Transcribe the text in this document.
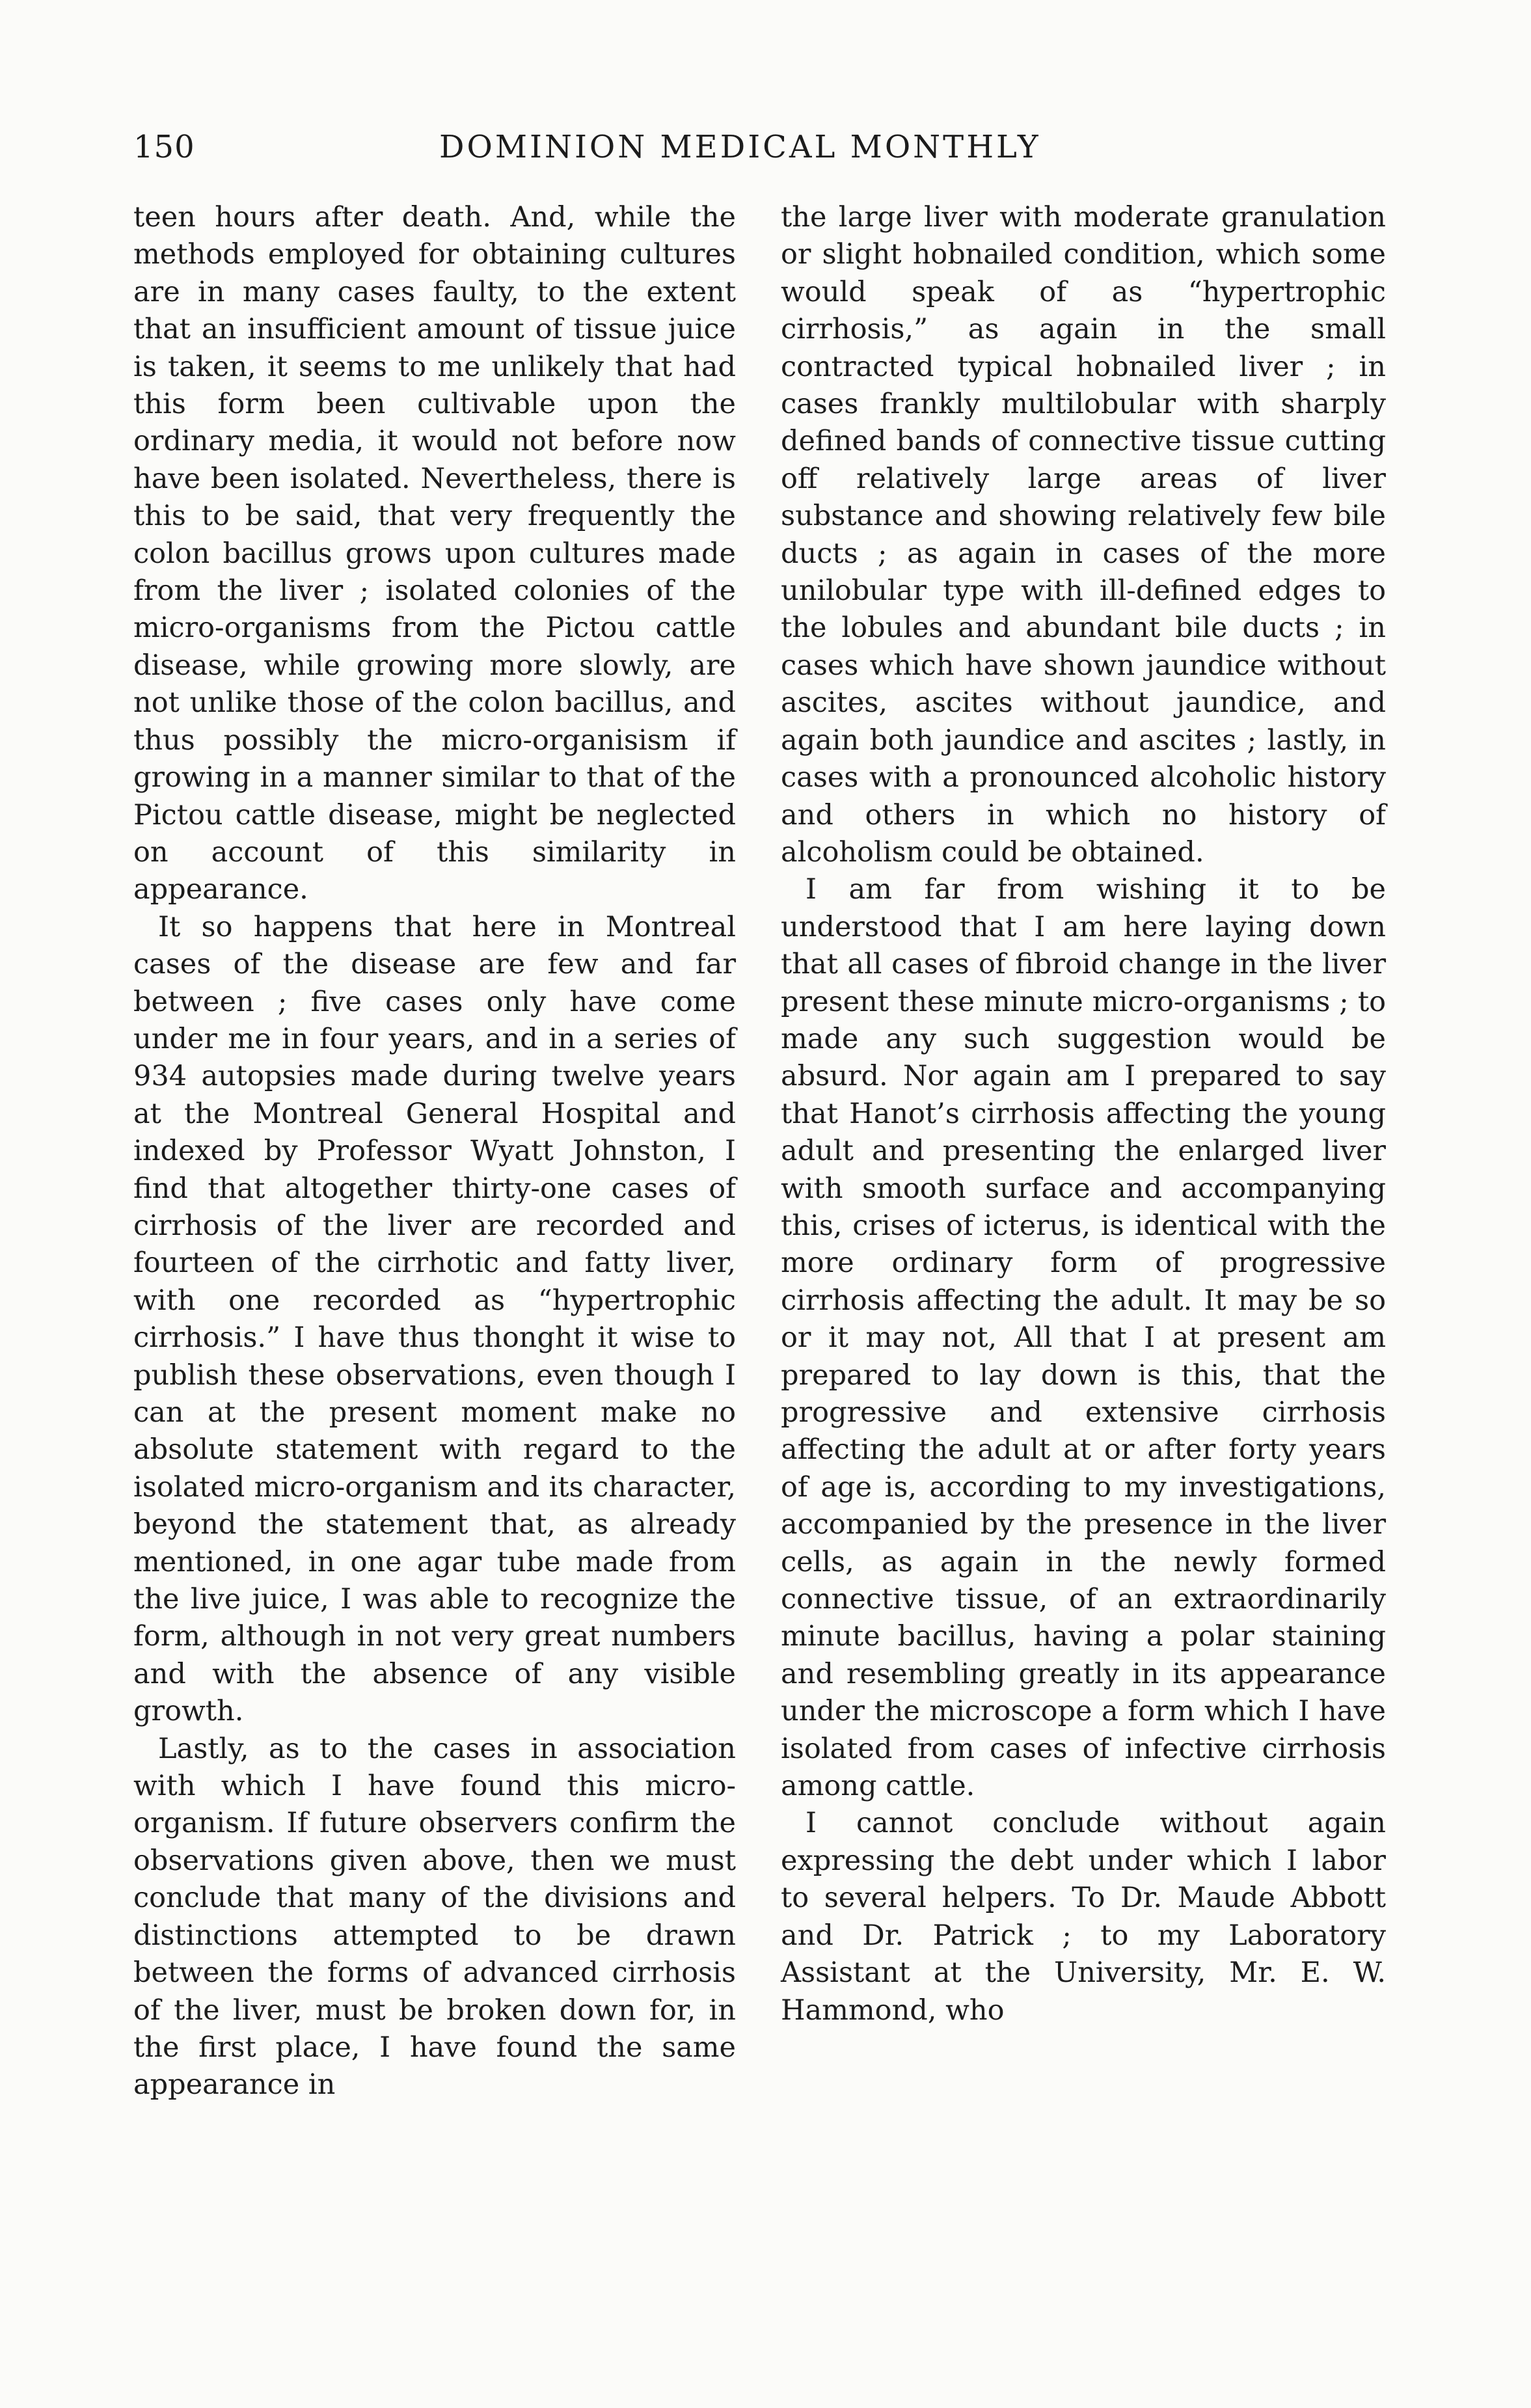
150	DOMINION MEDICAL MONTHLY

teen hours after death. And, while the methods employed for obtaining cultures are in many cases faulty, to the extent that an insufficient amount of tissue juice is taken, it seems to me unlikely that had this form been cultivable upon the ordinary media, it would not before now have been isolated. Nevertheless, there is this to be said, that very frequently the colon bacillus grows upon cultures made from the liver ; isolated colonies of the micro-organisms from the Pictou cattle disease, while growing more slowly, are not unlike those of the colon bacillus, and thus possibly the micro-organisism if growing in a manner similar to that of the Pictou cattle disease, might be neglected on account of this similarity in appearance.

It so happens that here in Montreal cases of the disease are few and far between ; five cases only have come under me in four years, and in a series of 934 autopsies made during twelve years at the Montreal General Hospital and indexed by Professor Wyatt Johnston, I find that altogether thirty-one cases of cirrhosis of the liver are recorded and fourteen of the cirrhotic and fatty liver, with one recorded as “hypertrophic cirrhosis.” I have thus thonght it wise to publish these observations, even though I can at the present moment make no absolute statement with regard to the isolated micro-organism and its character, beyond the statement that, as already mentioned, in one agar tube made from the live juice, I was able to recognize the form, although in not very great numbers and with the absence of any visible growth.

Lastly, as to the cases in association with which I have found this micro-organism. If future observers confirm the observations given above, then we must conclude that many of the divisions and distinctions attempted to be drawn between the forms of advanced cirrhosis of the liver, must be broken down for, in the first place, I have found the same appearance in

the large liver with moderate granulation or slight hobnailed condition, which some would speak of as “hypertrophic cirrhosis,” as again in the small contracted typical hobnailed liver ; in cases frankly multilobular with sharply defined bands of connective tissue cutting off relatively large areas of liver substance and showing relatively few bile ducts ; as again in cases of the more unilobular type with ill-defined edges to the lobules and abundant bile ducts ; in cases which have shown jaundice without ascites, ascites without jaundice, and again both jaundice and ascites ; lastly, in cases with a pronounced alcoholic history and others in which no history of alcoholism could be obtained.

I am far from wishing it to be understood that I am here laying down that all cases of fibroid change in the liver present these minute micro-organisms ; to made any such suggestion would be absurd. Nor again am I prepared to say that Hanot’s cirrhosis affecting the young adult and presenting the enlarged liver with smooth surface and accompanying this, crises of icterus, is identical with the more ordinary form of progressive cirrhosis affecting the adult. It may be so or it may not, All that I at present am prepared to lay down is this, that the progressive and extensive cirrhosis affecting the adult at or after forty years of age is, according to my investigations, accompanied by the presence in the liver cells, as again in the newly formed connective tissue, of an extraordinarily minute bacillus, having a polar staining and resembling greatly in its appearance under the microscope a form which I have isolated from cases of infective cirrhosis among cattle.

I cannot conclude without again expressing the debt under which I labor to several helpers. To Dr. Maude Abbott and Dr. Patrick ; to my Laboratory Assistant at the University, Mr. E. W. Hammond, who
